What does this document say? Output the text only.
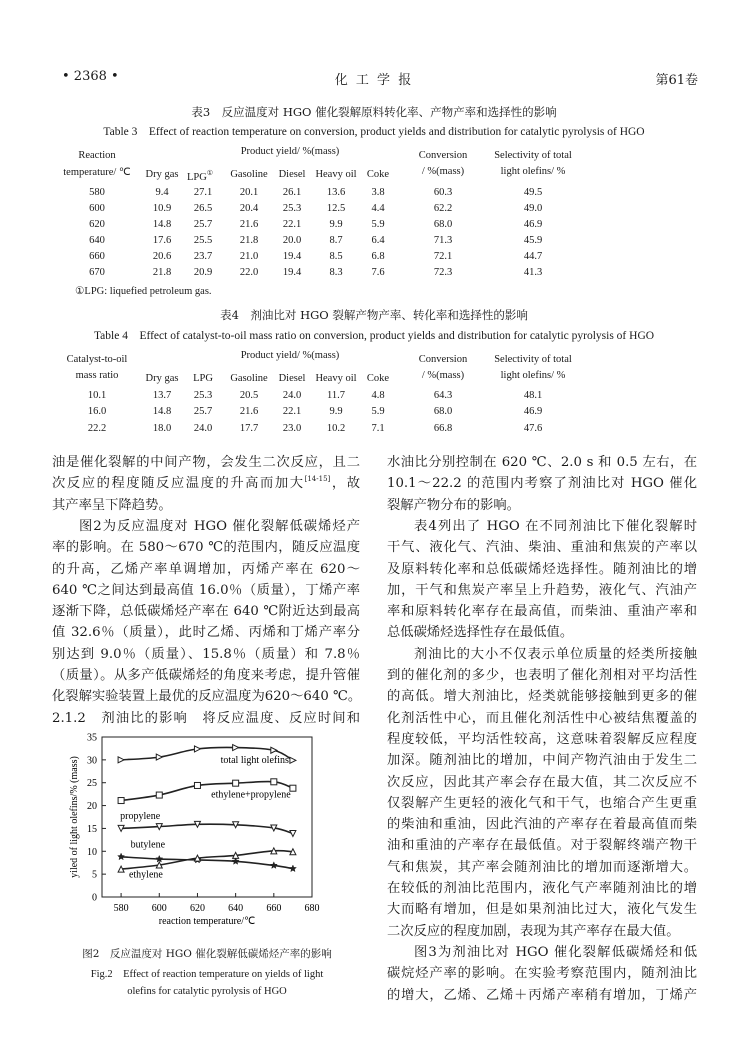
• 2368 •	化 工 学 报	第61卷
表3　反应温度对 HGO 催化裂解原料转化率、产物产率和选择性的影响
Table 3　Effect of reaction temperature on conversion, product yields and distribution for catalytic pyrolysis of HGO
Reaction
temperature/ ℃
Product yield/ %(mass)
Dry gas LPG①	Gasoline Diesel Heavy oil Coke
Conversion
/ %(mass)
Selectivity of total
light olefins/ %
580	9.4 27.1	20.1 26.1 13.6	3.8	60.3	49.5
600	10.9 26.5	20.4 25.3 12.5	4.4	62.2	49.0
620	14.8 25.7	21.6 22.1	9.9	5.9	68.0	46.9
640	17.6 25.5	21.8 20.0	8.7	6.4	71.3	45.9
660	20.6 23.7	21.0 19.4	8.5	6.8	72.1	44.7
670	21.8 20.9	22.0 19.4	8.3	7.6	72.3	41.3
①LPG: liquefied petroleum gas.
表4　剂油比对 HGO 裂解产物产率、转化率和选择性的影响
Table 4　Effect of catalyst-to-oil mass ratio on conversion, product yields and distribution for catalytic pyrolysis of HGO
Catalyst-to-oil
mass ratio
Product yield/ %(mass)
Dry gas LPG Gasoline Diesel Heavy oil Coke
Conversion
/ %(mass)
Selectivity of total
light olefins/ %
10.1	13.7 25.3	20.5 24.0 11.7	4.8	64.3	48.1
16.0	14.8 25.7	21.6 22.1	9.9	5.9	68.0	46.9
22.2	18.0 24.0	17.7 23.0 10.2	7.1	66.8	47.6
油是催化裂解的中间产物，会发生二次反应，且二
次反应的程度随反应温度的升高而加大[14-15]，故
其产率呈下降趋势。
图2为反应温度对 HGO 催化裂解低碳烯烃产
率的影响。在 580～670 ℃的范围内，随反应温度
的升高，乙烯产率单调增加，丙烯产率在 620～
640 ℃之间达到最高值 16.0％（质量），丁烯产率
逐渐下降，总低碳烯烃产率在 640 ℃附近达到最高
值 32.6％（质量），此时乙烯、丙烯和丁烯产率分
别达到 9.0％（质量）、15.8％（质量）和 7.8％
（质量）。从多产低碳烯烃的角度来考虑，提升管催
化裂解实验装置上最优的反应温度为620～640 ℃。
2.1.2　剂油比的影响　将反应温度、反应时间和
水油比分别控制在 620 ℃、2.0 s 和 0.5 左右，在
10.1～22.2 的范围内考察了剂油比对 HGO 催化
裂解产物分布的影响。
表4列出了 HGO 在不同剂油比下催化裂解时
干气、液化气、汽油、柴油、重油和焦炭的产率以
及原料转化率和总低碳烯烃选择性。随剂油比的增
加，干气和焦炭产率呈上升趋势，液化气、汽油产
率和原料转化率存在最高值，而柴油、重油产率和
总低碳烯烃选择性存在最低值。
剂油比的大小不仅表示单位质量的烃类所接触
到的催化剂的多少，也表明了催化剂相对平均活性
的高低。增大剂油比，烃类就能够接触到更多的催
化剂活性中心，而且催化剂活性中心被结焦覆盖的
程度较低，平均活性较高，这意味着裂解反应程度
加深。随剂油比的增加，中间产物汽油由于发生二
次反应，因此其产率会存在最大值，其二次反应不
仅裂解产生更轻的液化气和干气，也缩合产生更重
的柴油和重油，因此汽油的产率存在着最高值而柴
油和重油的产率存在最低值。对于裂解终端产物干
气和焦炭，其产率会随剂油比的增加而逐渐增大。
在较低的剂油比范围内，液化气产率随剂油比的增
大而略有增加，但是如果剂油比过大，液化气发生
二次反应的程度加剧，表现为其产率存在最大值。
图3为剂油比对 HGO 催化裂解低碳烯烃和低
碳烷烃产率的影响。在实验考察范围内，随剂油比
的增大，乙烯、乙烯＋丙烯产率稍有增加，丁烯产
0
5
10
15
20
25
30
35
580 600 620 640 660 680
reaction temperature/℃
yiled of light olefins/% (mass)	total light olefins
ethylene+propylene
propylene
butylene
ethylene
图2　反应温度对 HGO 催化裂解低碳烯烃产率的影响
Fig.2　Effect of reaction temperature on yields of light
olefins for catalytic pyrolysis of HGO
